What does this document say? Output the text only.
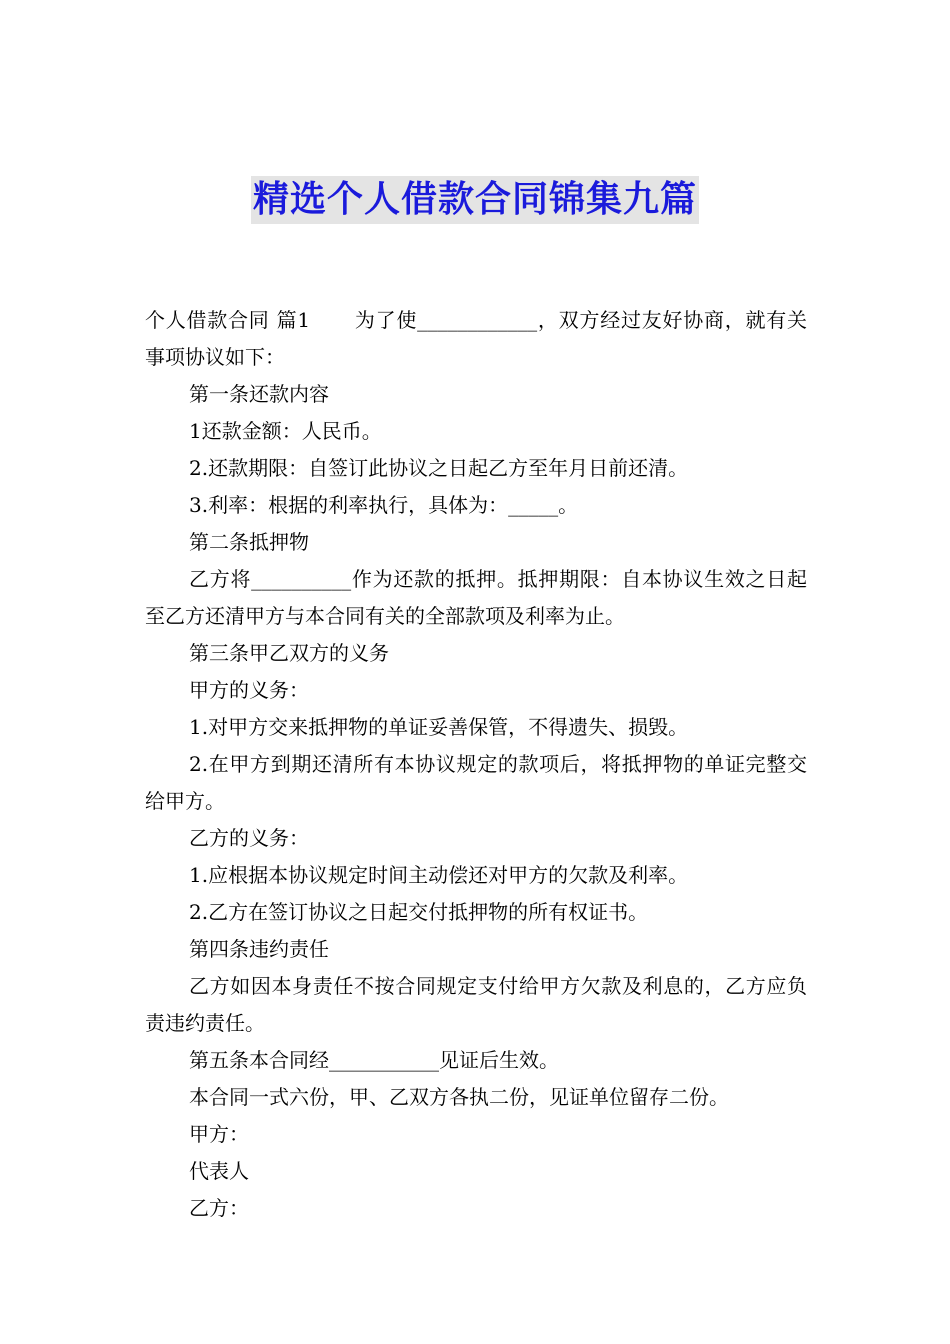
精选个人借款合同锦集九篇

个人借款合同 篇1 为了使____________，双方经过友好协商，就有关事项协议如下：

第一条还款内容

1还款金额：人民币。

2.还款期限：自签订此协议之日起乙方至年月日前还清。

3.利率：根据的利率执行，具体为：_____。

第二条抵押物

乙方将__________作为还款的抵押。抵押期限：自本协议生效之日起至乙方还清甲方与本合同有关的全部款项及利率为止。

第三条甲乙双方的义务

甲方的义务：

1.对甲方交来抵押物的单证妥善保管，不得遗失、损毁。

2.在甲方到期还清所有本协议规定的款项后，将抵押物的单证完整交给甲方。

乙方的义务：

1.应根据本协议规定时间主动偿还对甲方的欠款及利率。

2.乙方在签订协议之日起交付抵押物的所有权证书。

第四条违约责任

乙方如因本身责任不按合同规定支付给甲方欠款及利息的，乙方应负责违约责任。

第五条本合同经___________见证后生效。

本合同一式六份，甲、乙双方各执二份，见证单位留存二份。

甲方：

代表人

乙方：
